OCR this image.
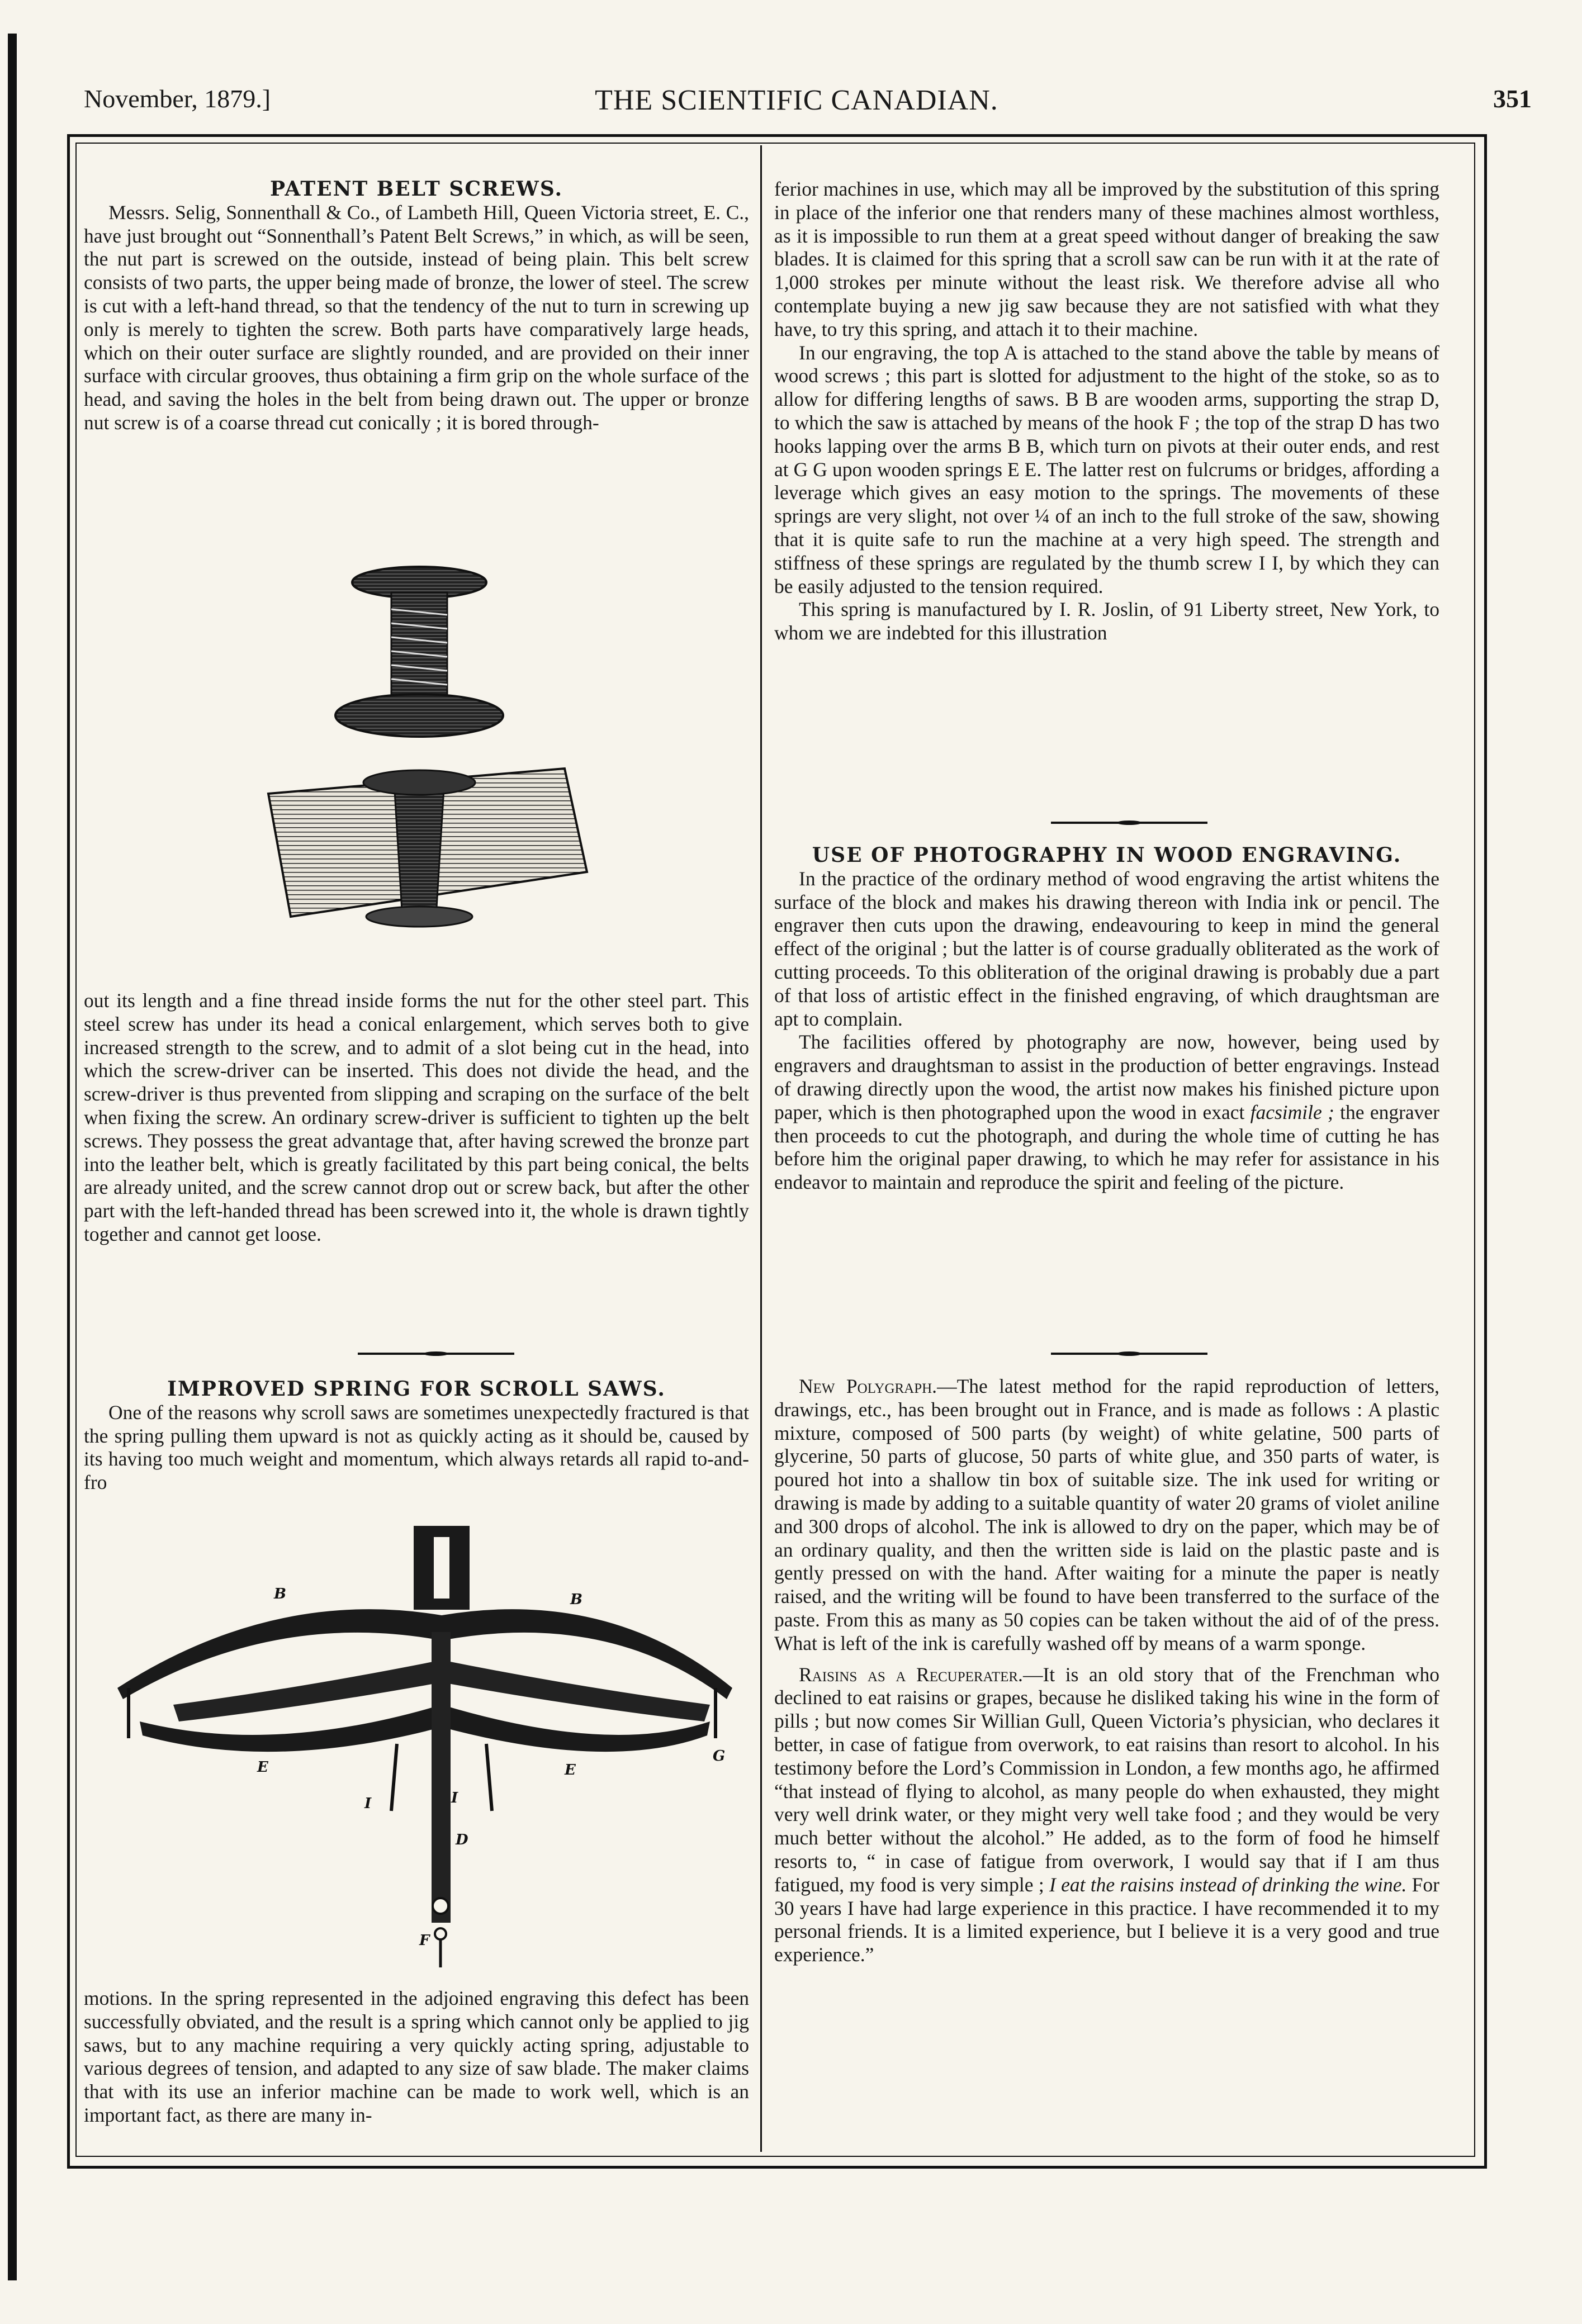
November, 1879.]	THE SCIENTIFIC CANADIAN.	351

PATENT BELT SCREWS.

Messrs. Selig, Sonnenthall & Co., of Lambeth Hill, Queen Victoria street, E. C., have just brought out “Sonnenthall’s Patent Belt Screws,” in which, as will be seen, the nut part is screwed on the outside, instead of being plain. This belt screw consists of two parts, the upper being made of bronze, the lower of steel. The screw is cut with a left-hand thread, so that the tendency of the nut to turn in screwing up only is merely to tighten the screw. Both parts have comparatively large heads, which on their outer surface are slightly rounded, and are provided on their inner surface with circular grooves, thus obtaining a firm grip on the whole surface of the head, and saving the holes in the belt from being drawn out. The upper or bronze nut screw is of a coarse thread cut conically ; it is bored through-

out its length and a fine thread inside forms the nut for the other steel part. This steel screw has under its head a conical enlargement, which serves both to give increased strength to the screw, and to admit of a slot being cut in the head, into which the screw-driver can be inserted. This does not divide the head, and the screw-driver is thus prevented from slipping and scraping on the surface of the belt when fixing the screw. An ordinary screw-driver is sufficient to tighten up the belt screws. They possess the great advantage that, after having screwed the bronze part into the leather belt, which is greatly facilitated by this part being conical, the belts are already united, and the screw cannot drop out or screw back, but after the other part with the left-handed thread has been screwed into it, the whole is drawn tightly together and cannot get loose.

IMPROVED SPRING FOR SCROLL SAWS.

One of the reasons why scroll saws are sometimes unexpectedly fractured is that the spring pulling them upward is not as quickly acting as it should be, caused by its having too much weight and momentum, which always retards all rapid to-and-fro

B	B
E	E
G
I	I
D
F

motions. In the spring represented in the adjoined engraving this defect has been successfully obviated, and the result is a spring which cannot only be applied to jig saws, but to any machine requiring a very quickly acting spring, adjustable to various degrees of tension, and adapted to any size of saw blade. The maker claims that with its use an inferior machine can be made to work well, which is an important fact, as there are many in-

ferior machines in use, which may all be improved by the substitution of this spring in place of the inferior one that renders many of these machines almost worthless, as it is impossible to run them at a great speed without danger of breaking the saw blades. It is claimed for this spring that a scroll saw can be run with it at the rate of 1,000 strokes per minute without the least risk. We therefore advise all who contemplate buying a new jig saw because they are not satisfied with what they have, to try this spring, and attach it to their machine.

In our engraving, the top A is attached to the stand above the table by means of wood screws ; this part is slotted for adjustment to the hight of the stoke, so as to allow for differing lengths of saws. B B are wooden arms, supporting the strap D, to which the saw is attached by means of the hook F ; the top of the strap D has two hooks lapping over the arms B B, which turn on pivots at their outer ends, and rest at G G upon wooden springs E E. The latter rest on fulcrums or bridges, affording a leverage which gives an easy motion to the springs. The movements of these springs are very slight, not over ¼ of an inch to the full stroke of the saw, showing that it is quite safe to run the machine at a very high speed. The strength and stiffness of these springs are regulated by the thumb screw I I, by which they can be easily adjusted to the tension required.

This spring is manufactured by I. R. Joslin, of 91 Liberty street, New York, to whom we are indebted for this illustration

USE OF PHOTOGRAPHY IN WOOD ENGRAVING.

In the practice of the ordinary method of wood engraving the artist whitens the surface of the block and makes his drawing thereon with India ink or pencil. The engraver then cuts upon the drawing, endeavouring to keep in mind the general effect of the original ; but the latter is of course gradually obliterated as the work of cutting proceeds. To this obliteration of the original drawing is probably due a part of that loss of artistic effect in the finished engraving, of which draughtsman are apt to complain.

The facilities offered by photography are now, however, being used by engravers and draughtsman to assist in the production of better engravings. Instead of drawing directly upon the wood, the artist now makes his finished picture upon paper, which is then photographed upon the wood in exact facsimile ; the engraver then proceeds to cut the photograph, and during the whole time of cutting he has before him the original paper drawing, to which he may refer for assistance in his endeavor to maintain and reproduce the spirit and feeling of the picture.

New Polygraph.—The latest method for the rapid reproduction of letters, drawings, etc., has been brought out in France, and is made as follows : A plastic mixture, composed of 500 parts (by weight) of white gelatine, 500 parts of glycerine, 50 parts of glucose, 50 parts of white glue, and 350 parts of water, is poured hot into a shallow tin box of suitable size. The ink used for writing or drawing is made by adding to a suitable quantity of water 20 grams of violet aniline and 300 drops of alcohol. The ink is allowed to dry on the paper, which may be of an ordinary quality, and then the written side is laid on the plastic paste and is gently pressed on with the hand. After waiting for a minute the paper is neatly raised, and the writing will be found to have been transferred to the surface of the paste. From this as many as 50 copies can be taken without the aid of of the press. What is left of the ink is carefully washed off by means of a warm sponge.

Raisins as a Recuperater.—It is an old story that of the Frenchman who declined to eat raisins or grapes, because he disliked taking his wine in the form of pills ; but now comes Sir Willian Gull, Queen Victoria’s physician, who declares it better, in case of fatigue from overwork, to eat raisins than resort to alcohol. In his testimony before the Lord’s Commission in London, a few months ago, he affirmed “that instead of flying to alcohol, as many people do when exhausted, they might very well drink water, or they might very well take food ; and they would be very much better without the alcohol.” He added, as to the form of food he himself resorts to, “ in case of fatigue from overwork, I would say that if I am thus fatigued, my food is very simple ; I eat the raisins instead of drinking the wine. For 30 years I have had large experience in this practice. I have recommended it to my personal friends. It is a limited experience, but I believe it is a very good and true experience.”
